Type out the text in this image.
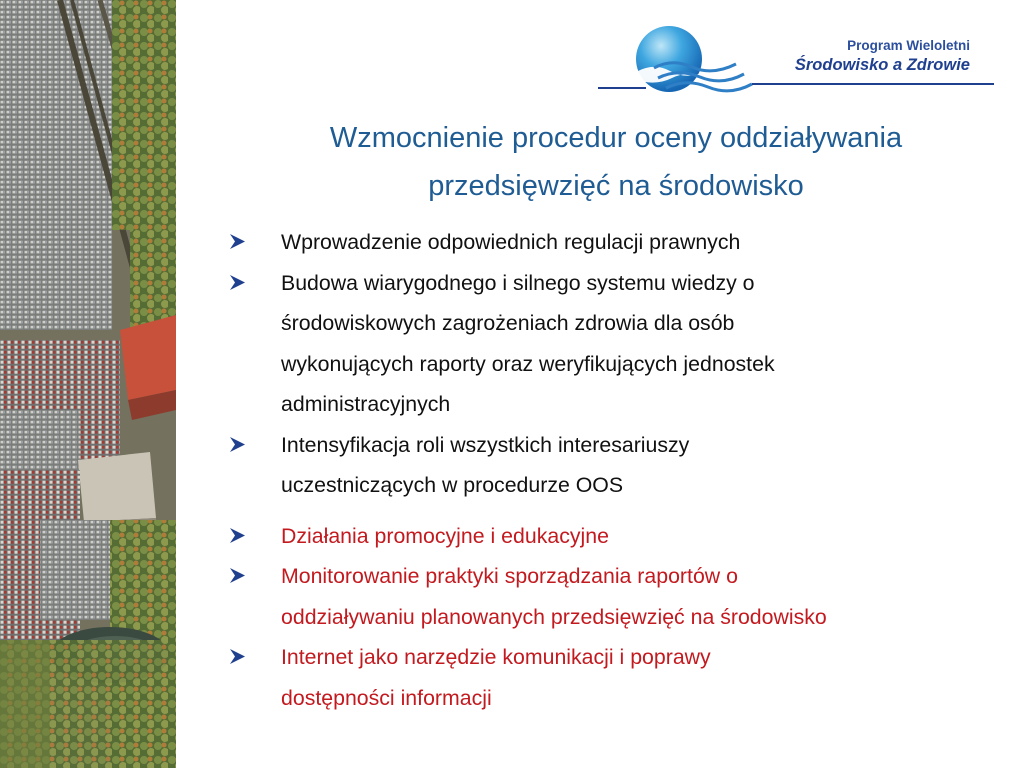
Program Wieloletni
Środowisko a Zdrowie
Wzmocnienie procedur oceny oddziaływania
przedsięwzięć na środowisko
Wprowadzenie odpowiednich regulacji prawnych
Budowa wiarygodnego i silnego systemu wiedzy o
środowiskowych zagrożeniach zdrowia dla osób
wykonujących raporty oraz weryfikujących jednostek
administracyjnych
Intensyfikacja roli wszystkich interesariuszy
uczestniczących w procedurze OOS
Działania promocyjne i edukacyjne
Monitorowanie praktyki sporządzania raportów o
oddziaływaniu planowanych przedsięwzięć na środowisko
Internet jako narzędzie komunikacji i poprawy
dostępności informacji
